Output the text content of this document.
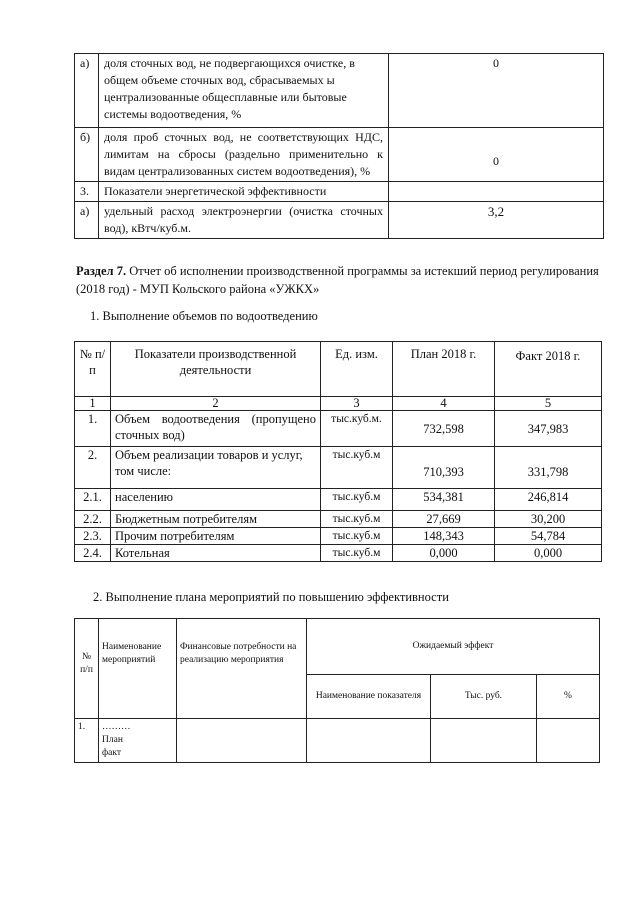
а)	доля сточных вод, не подвергающихся очистке, в общем объеме сточных вод, сбрасываемых ы централизованные общесплавные или бытовые системы водоотведения, %	0
б)	доля проб сточных вод, не соответствующих НДС, лимитам на сбросы (раздельно применительно к видам централизованных систем водоотведения), %	0
3.	Показатели энергетической эффективности	
а)	удельный расход электроэнергии (очистка сточных вод), кВтч/куб.м.	3,2
Раздел 7. Отчет об исполнении производственной программы за истекший период регулирования (2018 год) - МУП Кольского района «УЖКХ»
1. Выполнение объемов по водоотведению
№ п/п	Показатели производственной деятельности	Ед. изм.	План 2018 г.	Факт 2018 г.
1	2	3	4	5
1.	Объем водоотведения (пропущено сточных вод)	тыс.куб.м.	732,598	347,983
2.	Объем реализации товаров и услуг, том числе:	тыс.куб.м	710,393	331,798
2.1.	населению	тыс.куб.м	534,381	246,814
2.2.	Бюджетным потребителям	тыс.куб.м	27,669	30,200
2.3.	Прочим потребителям	тыс.куб.м	148,343	54,784
2.4.	Котельная	тыс.куб.м	0,000	0,000
2. Выполнение плана мероприятий по повышению эффективности
№ п/п	Наименование мероприятий	Финансовые потребности на реализацию мероприятия	Ожидаемый эффект		
			Наименование показателя	Тыс. руб.	%
1.	………
План
факт				
